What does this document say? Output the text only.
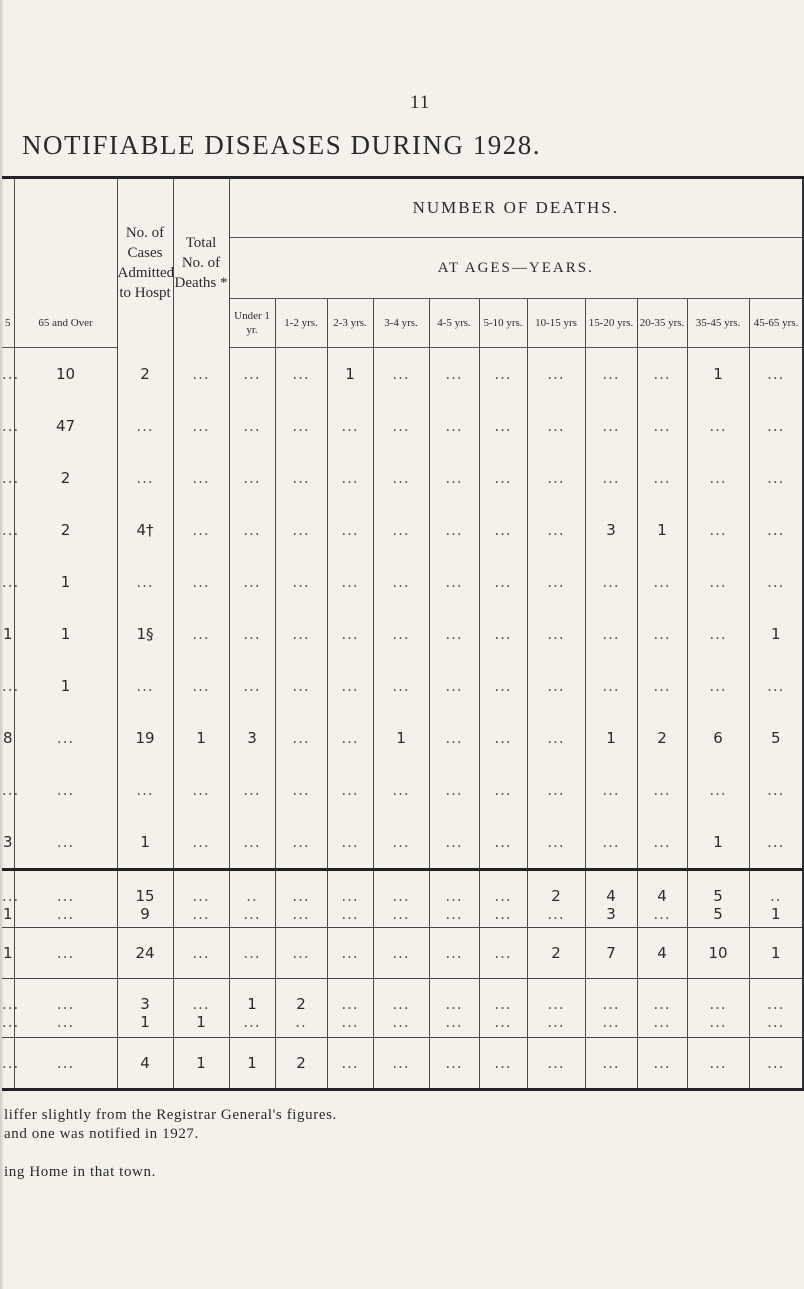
11
NOTIFIABLE DISEASES DURING 1928.
		No. of Cases Admitted to Hospt	Total No. of Deaths *	NUMBER OF DEATHS.											
				AT AGES—YEARS.											
5	65 and Over			Under 1 yr.	1-2 yrs.	2-3 yrs.	3-4 yrs.	4-5 yrs.	5-10 yrs.	10-15 yrs	15-20 yrs.	20-35 yrs.	35-45 yrs.	45-65 yrs.	
...	10	2	...	...	...	1	...	...	...	...	...	...	1	...	
...	47	...	...	...	...	...	...	...	...	...	...	...	...	...	
...	2	...	...	...	...	...	...	...	...	...	...	...	...	...	
...	2	4†	...	...	...	...	...	...	...	...	3	1	...	...	
...	1	...	...	...	...	...	...	...	...	...	...	...	...	...	
1	1	1§	...	...	...	...	...	...	...	...	...	...	...	1	
...	1	...	...	...	...	...	...	...	...	...	...	...	...	...	
8	...	19	1	3	...	...	1	...	...	...	1	2	6	5	
...	...	...	...	...	...	...	...	...	...	...	...	...	...	...	
3	...	1	...	...	...	...	...	...	...	...	...	...	1	...	
...	...	15	...	..	...	...	...	...	...	2	4	4	5	..	
1	...	9	...	...	...	...	...	...	...	...	3	...	5	1	
1	...	24	...	...	...	...	...	...	...	2	7	4	10	1	
...	...	3	...	1	2	...	...	...	...	...	...	...	...	...	
...	...	1	1	...	..	...	...	...	...	...	...	...	...	...	
...	...	4	1	1	2	...	...	...	...	...	...	...	...	...	

liffer slightly from the Registrar General's figures.

and one was notified in 1927.

ing Home in that town.
